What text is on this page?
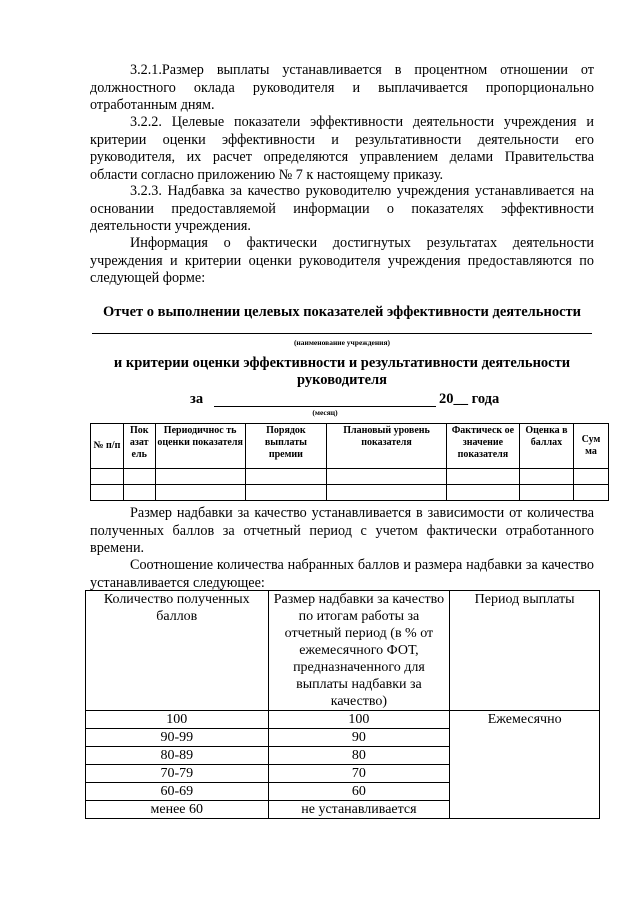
3.2.1.Размер выплаты устанавливается в процентном отношении от должностного оклада руководителя и выплачивается пропорционально отработанным дням.

3.2.2. Целевые показатели эффективности деятельности учреждения и критерии оценки эффективности и результативности деятельности его руководителя, их расчет определяются управлением делами Правительства области согласно приложению № 7 к настоящему приказу.

3.2.3. Надбавка за качество руководителю учреждения устанавливается на основании предоставляемой информации о показателях эффективности деятельности учреждения.

Информация о фактически достигнутых результатах деятельности учреждения и критерии оценки руководителя учреждения предоставляются по следующей форме:

Отчет о выполнении целевых показателей эффективности деятельности
(наименование учреждения)
и критерии оценки эффективности и результативности деятельности руководителя
за	20__ года
(месяц)
№ п/п	Пок азат ель	Периодичнос ть оценки показателя	Порядок выплаты премии	Плановый уровень показателя	Фактическ ое значение показателя	Оценка в баллах	Сум ма

Размер надбавки за качество устанавливается в зависимости от количества полученных баллов за отчетный период с учетом фактически отработанного времени.

Соотношение количества набранных баллов и размера надбавки за качество устанавливается следующее:

Количество полученных баллов	Размер надбавки за качество по итогам работы за отчетный период (в % от ежемесячного ФОТ, предназначенного для выплаты надбавки за качество)	Период выплаты
100	100	Ежемесячно
90-99	90	
80-89	80	
70-79	70	
60-69	60	
менее 60	не устанавливается	
